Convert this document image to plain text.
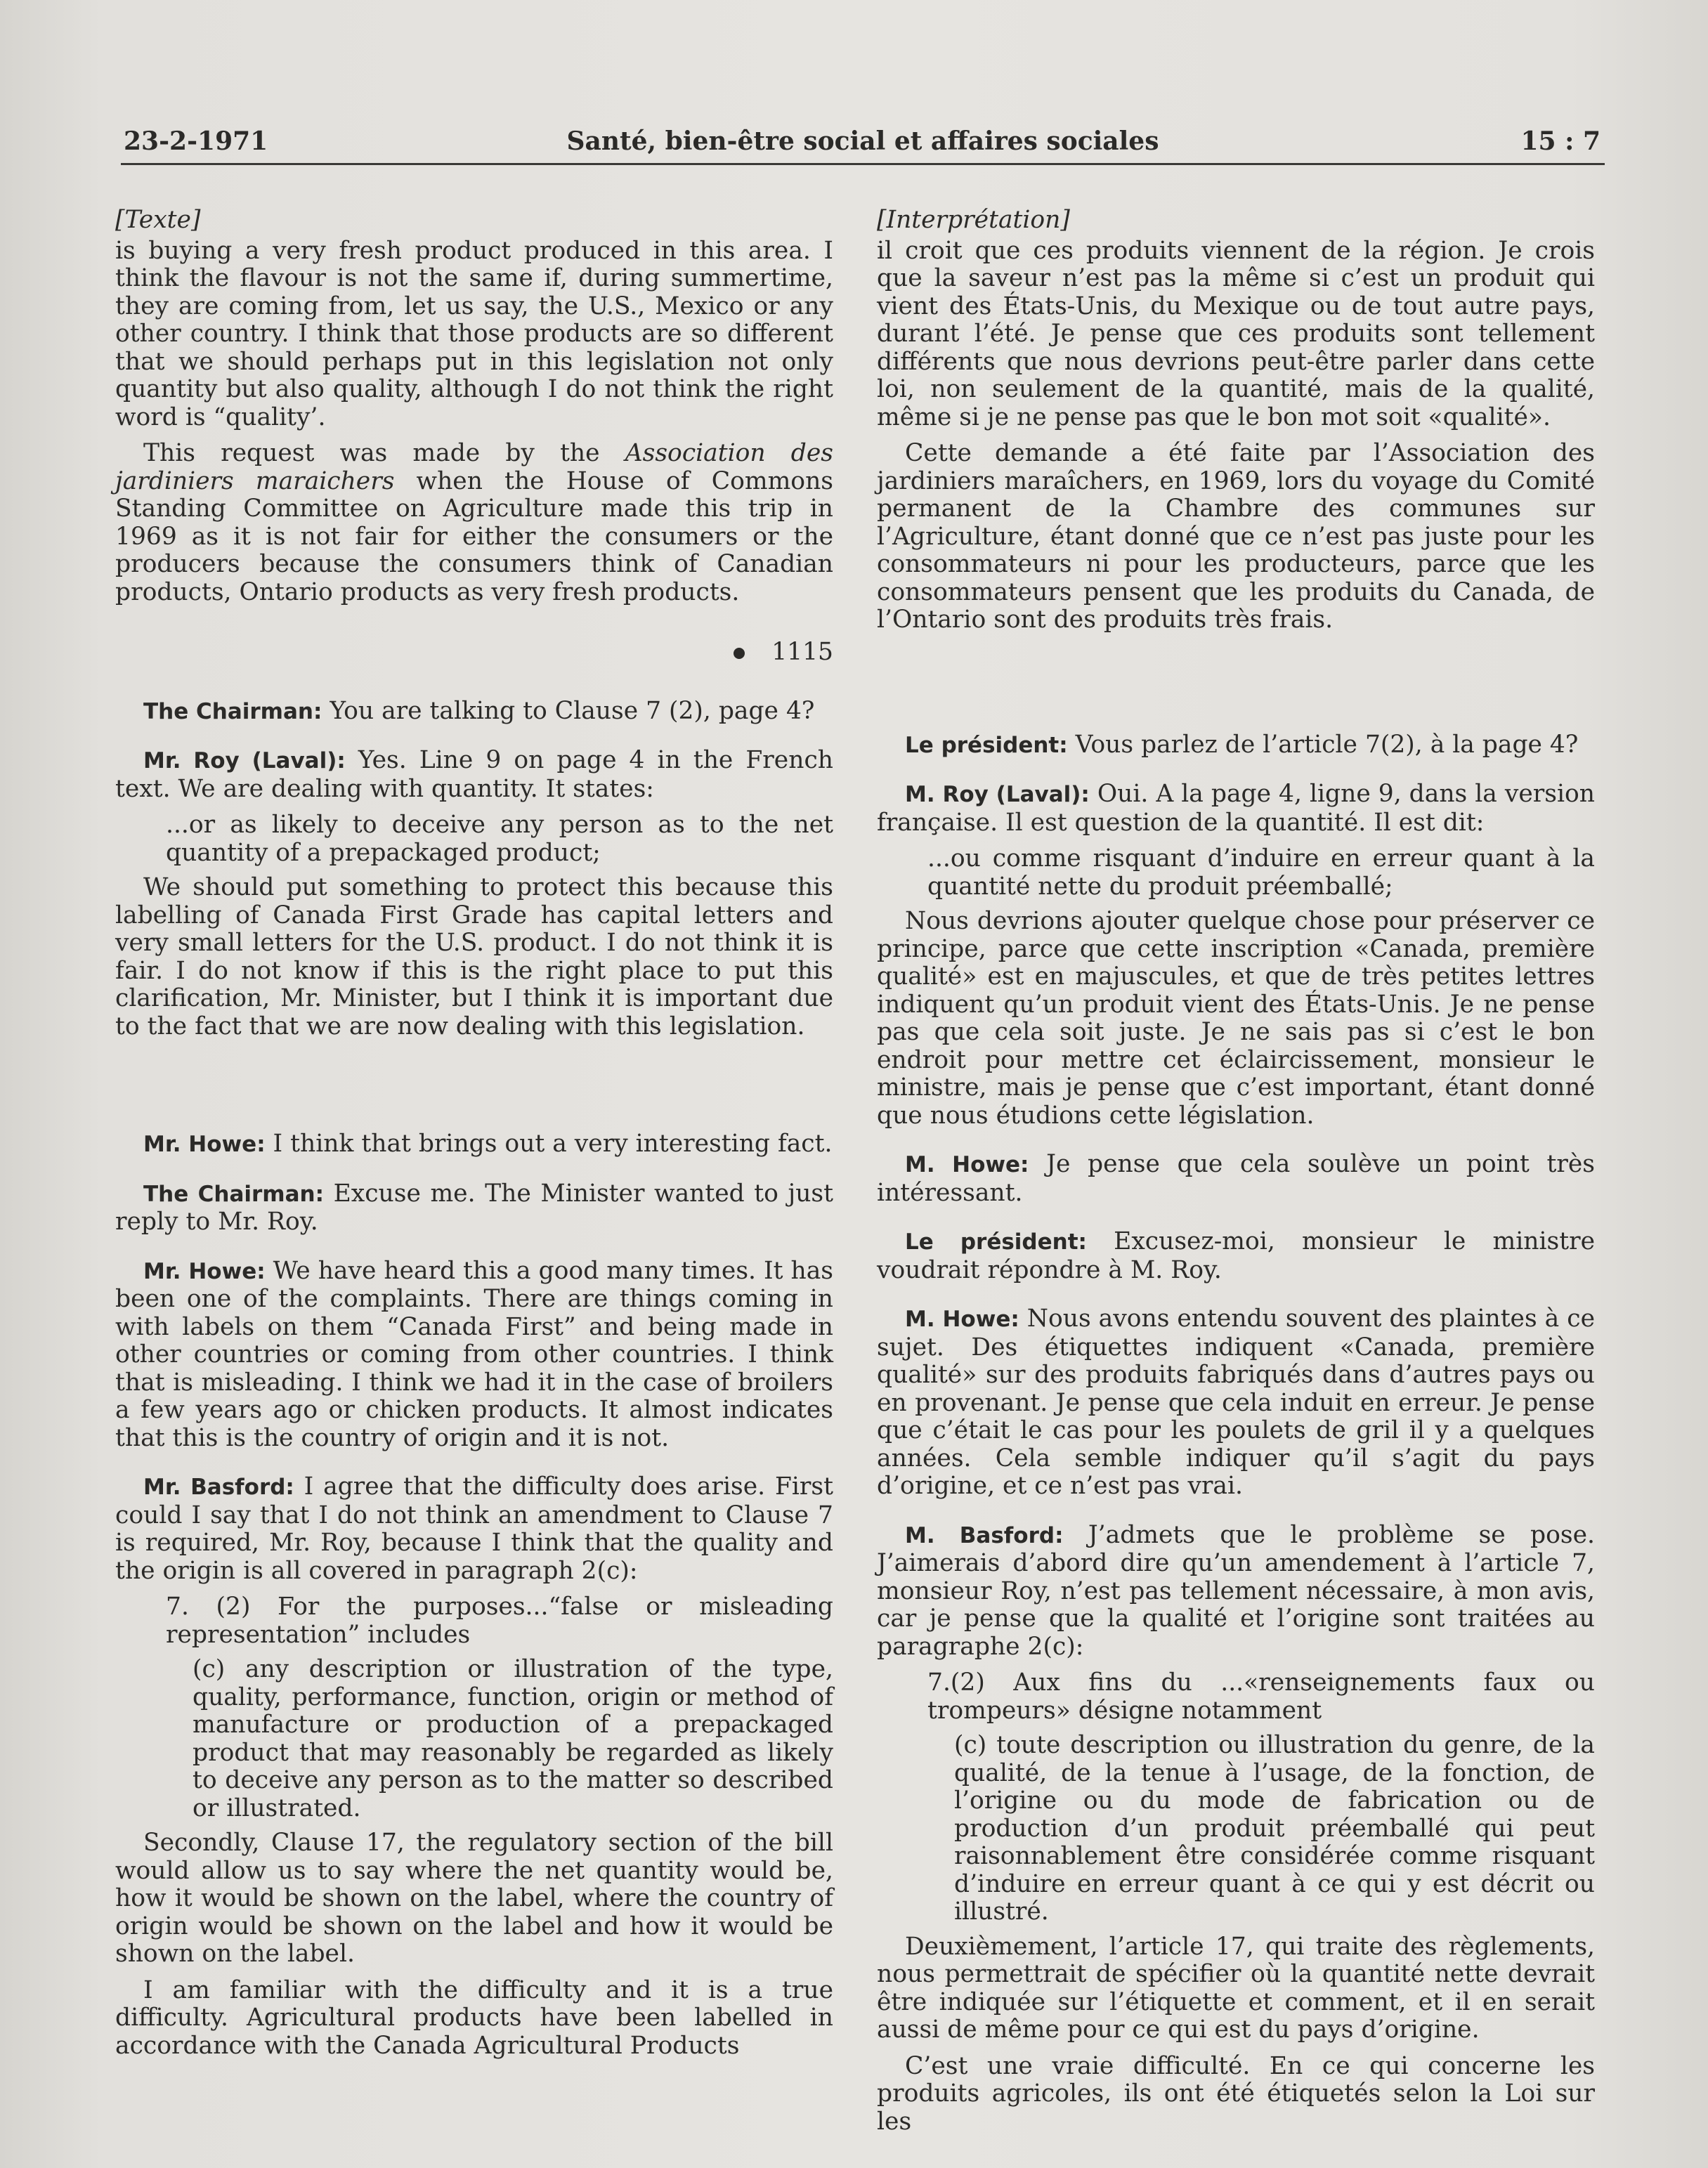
23-2-1971	Santé, bien-être social et affaires sociales	15 : 7
[Texte]

is buying a very fresh product produced in this area. I think the flavour is not the same if, during summertime, they are coming from, let us say, the U.S., Mexico or any other country. I think that those products are so different that we should perhaps put in this legislation not only quantity but also quality, although I do not think the right word is “quality’.

This request was made by the Association des jardiniers maraichers when the House of Commons Standing Committee on Agriculture made this trip in 1969 as it is not fair for either the consumers or the producers because the consumers think of Canadian products, Ontario products as very fresh products.

1115

The Chairman: You are talking to Clause 7 (2), page 4?

Mr. Roy (Laval): Yes. Line 9 on page 4 in the French text. We are dealing with quantity. It states:

...or as likely to deceive any person as to the net quantity of a prepackaged product;

We should put something to protect this because this labelling of Canada First Grade has capital letters and very small letters for the U.S. product. I do not think it is fair. I do not know if this is the right place to put this clarification, Mr. Minister, but I think it is important due to the fact that we are now dealing with this legislation.

Mr. Howe: I think that brings out a very interesting fact.

The Chairman: Excuse me. The Minister wanted to just reply to Mr. Roy.

Mr. Howe: We have heard this a good many times. It has been one of the complaints. There are things coming in with labels on them “Canada First” and being made in other countries or coming from other countries. I think that is misleading. I think we had it in the case of broilers a few years ago or chicken products. It almost indicates that this is the country of origin and it is not.

Mr. Basford: I agree that the difficulty does arise. First could I say that I do not think an amendment to Clause 7 is required, Mr. Roy, because I think that the quality and the origin is all covered in paragraph 2(c):

7. (2) For the purposes...“false or misleading representation” includes
(c) any description or illustration of the type, quality, performance, function, origin or method of manufacture or production of a prepackaged product that may reasonably be regarded as likely to deceive any person as to the matter so described or illustrated.

Secondly, Clause 17, the regulatory section of the bill would allow us to say where the net quantity would be, how it would be shown on the label, where the country of origin would be shown on the label and how it would be shown on the label.

I am familiar with the difficulty and it is a true difficulty. Agricultural products have been labelled in accordance with the Canada Agricultural Products

[Interprétation]

il croit que ces produits viennent de la région. Je crois que la saveur n’est pas la même si c’est un produit qui vient des États-Unis, du Mexique ou de tout autre pays, durant l’été. Je pense que ces produits sont tellement différents que nous devrions peut-être parler dans cette loi, non seulement de la quantité, mais de la qualité, même si je ne pense pas que le bon mot soit «qualité».

Cette demande a été faite par l’Association des jardiniers maraîchers, en 1969, lors du voyage du Comité permanent de la Chambre des communes sur l’Agriculture, étant donné que ce n’est pas juste pour les consommateurs ni pour les producteurs, parce que les consommateurs pensent que les produits du Canada, de l’Ontario sont des produits très frais.

Le président: Vous parlez de l’article 7(2), à la page 4?

M. Roy (Laval): Oui. A la page 4, ligne 9, dans la version française. Il est question de la quantité. Il est dit:

...ou comme risquant d’induire en erreur quant à la quantité nette du produit préemballé;

Nous devrions ajouter quelque chose pour préserver ce principe, parce que cette inscription «Canada, première qualité» est en majuscules, et que de très petites lettres indiquent qu’un produit vient des États-Unis. Je ne pense pas que cela soit juste. Je ne sais pas si c’est le bon endroit pour mettre cet éclaircissement, monsieur le ministre, mais je pense que c’est important, étant donné que nous étudions cette législation.

M. Howe: Je pense que cela soulève un point très intéressant.

Le président: Excusez-moi, monsieur le ministre voudrait répondre à M. Roy.

M. Howe: Nous avons entendu souvent des plaintes à ce sujet. Des étiquettes indiquent «Canada, première qualité» sur des produits fabriqués dans d’autres pays ou en provenant. Je pense que cela induit en erreur. Je pense que c’était le cas pour les poulets de gril il y a quelques années. Cela semble indiquer qu’il s’agit du pays d’origine, et ce n’est pas vrai.

M. Basford: J’admets que le problème se pose. J’aimerais d’abord dire qu’un amendement à l’article 7, monsieur Roy, n’est pas tellement nécessaire, à mon avis, car je pense que la qualité et l’origine sont traitées au paragraphe 2(c):

7.(2) Aux fins du ...«renseignements faux ou trompeurs» désigne notamment
(c) toute description ou illustration du genre, de la qualité, de la tenue à l’usage, de la fonction, de l’origine ou du mode de fabrication ou de production d’un produit préemballé qui peut raisonnablement être considérée comme risquant d’induire en erreur quant à ce qui y est décrit ou illustré.

Deuxièmement, l’article 17, qui traite des règlements, nous permettrait de spécifier où la quantité nette devrait être indiquée sur l’étiquette et comment, et il en serait aussi de même pour ce qui est du pays d’origine.

C’est une vraie difficulté. En ce qui concerne les produits agricoles, ils ont été étiquetés selon la Loi sur les
